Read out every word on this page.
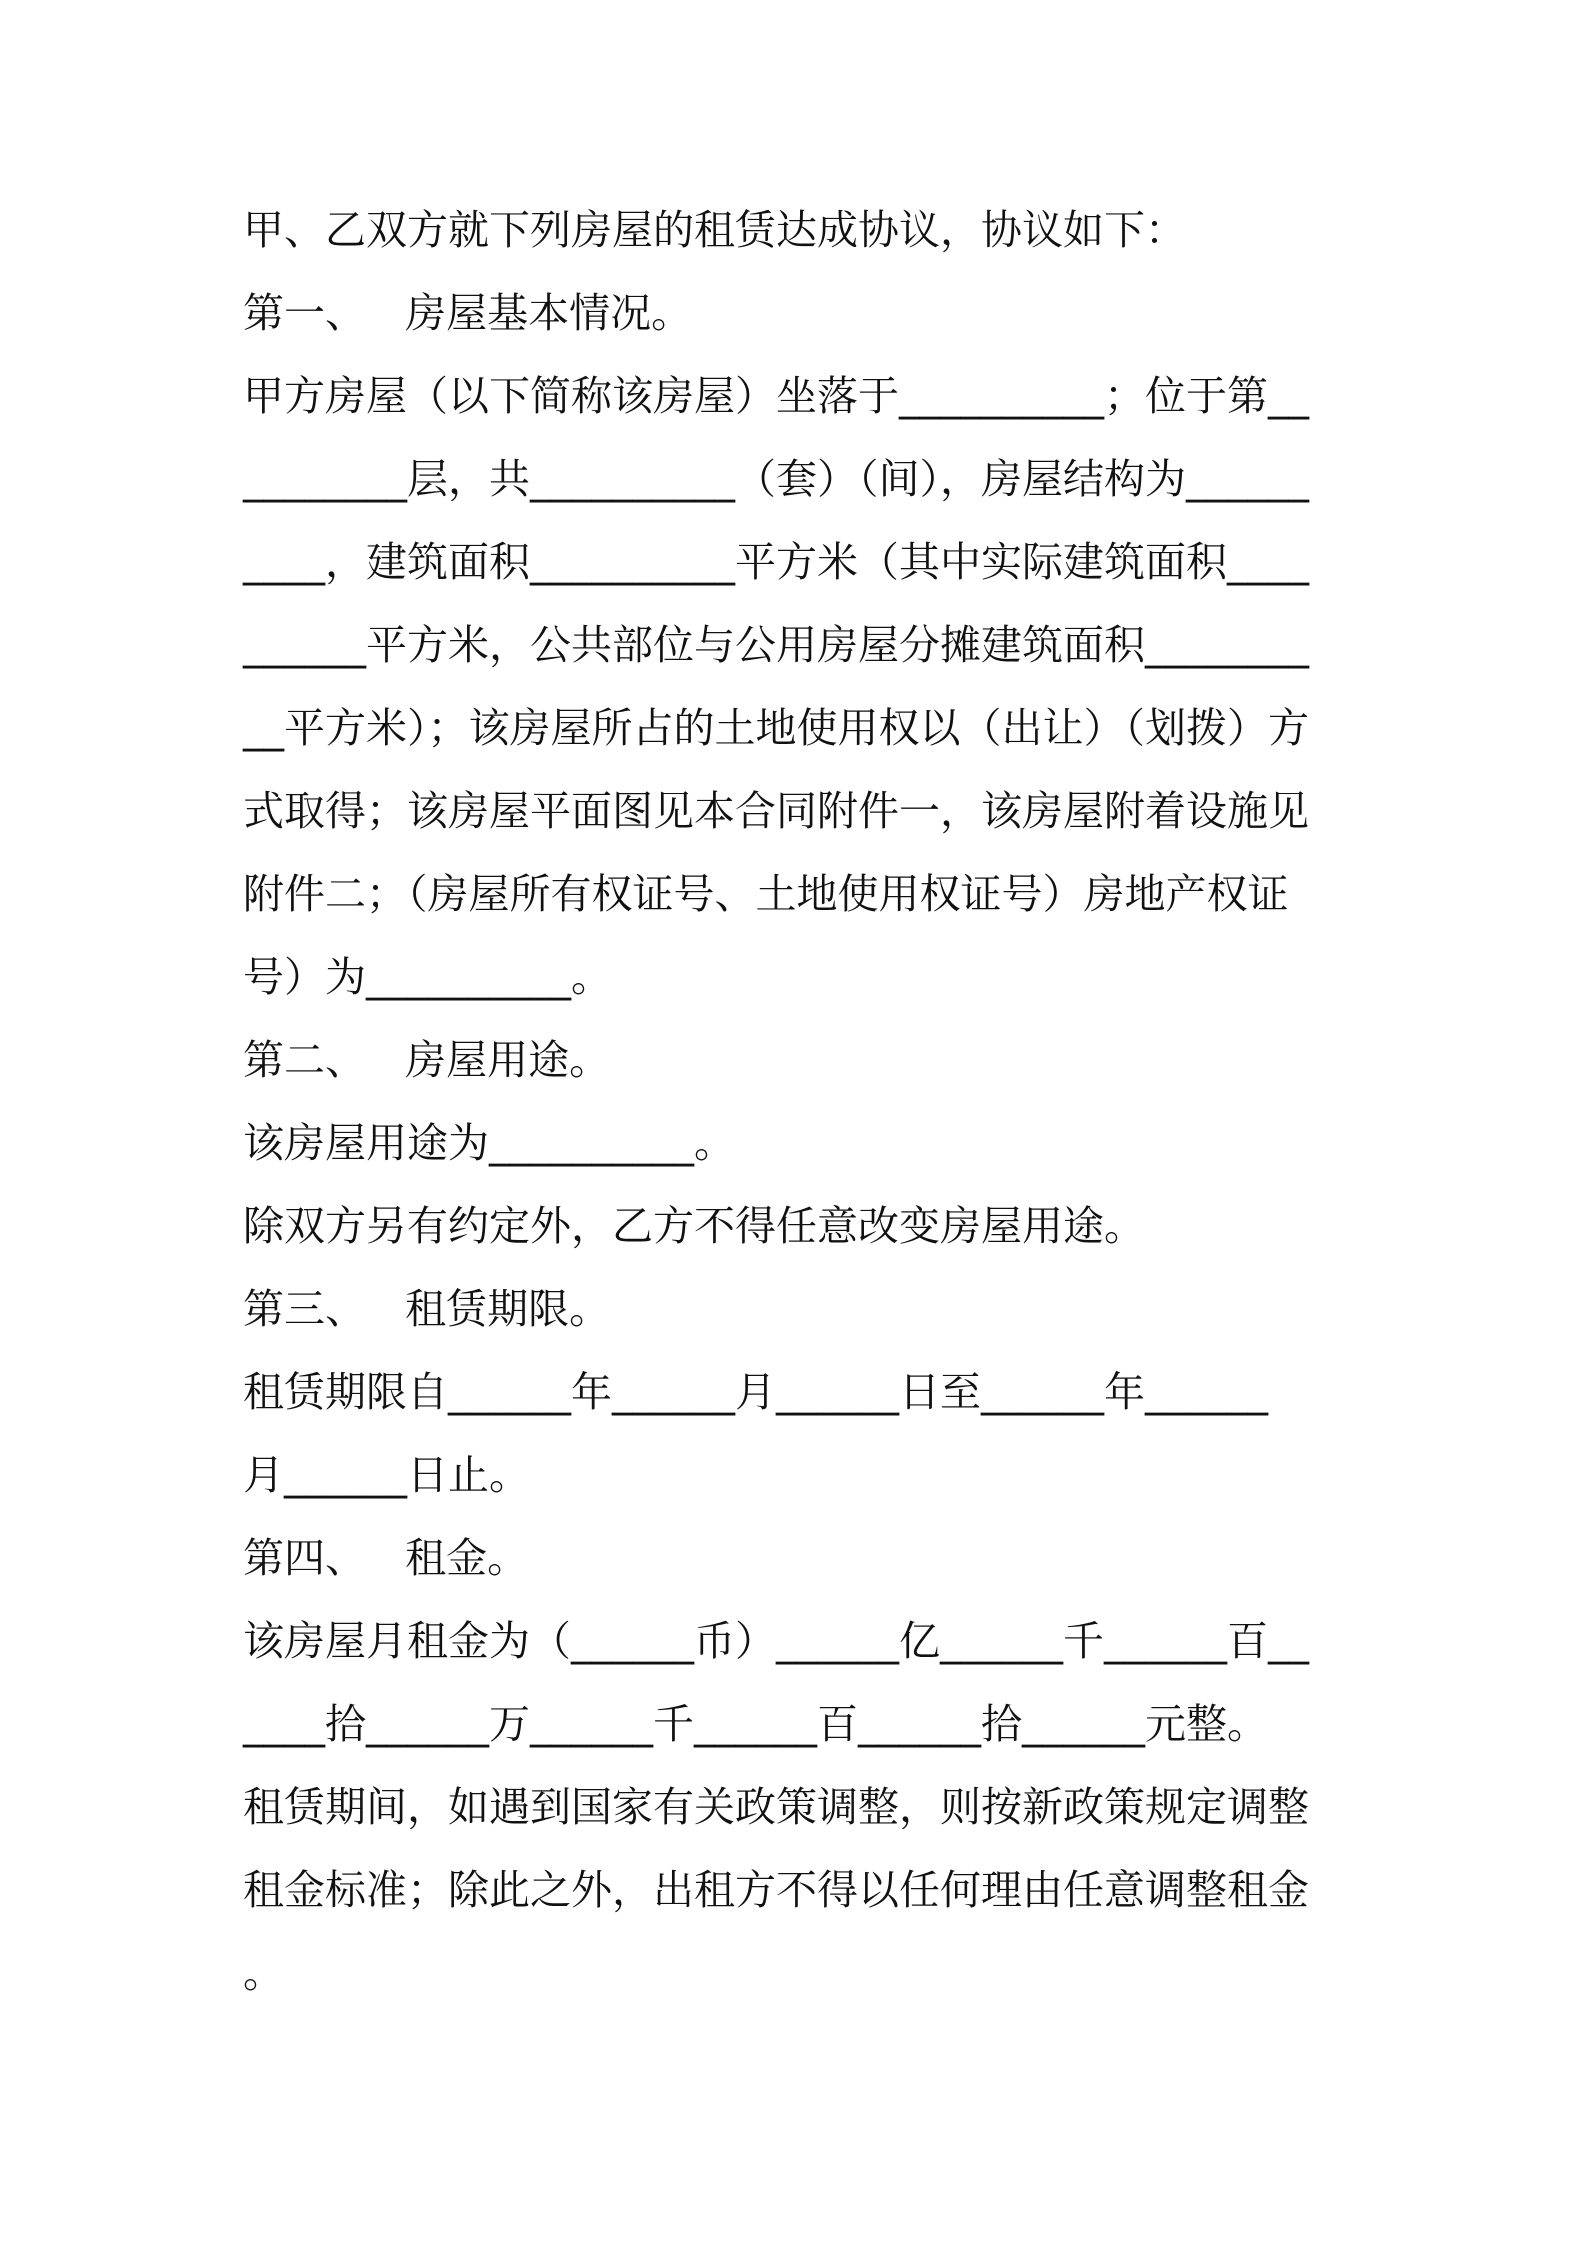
甲、乙双方就下列房屋的租赁达成协议，协议如下：
第一、   房屋基本情况。
甲方房屋（以下简称该房屋）坐落于__________；位于第__
________层，共__________（套）（间），房屋结构为______
____，建筑面积__________平方米（其中实际建筑面积____
______平方米，公共部位与公用房屋分摊建筑面积________
__平方米）；该房屋所占的土地使用权以（出让）（划拨）方
式取得；该房屋平面图见本合同附件一，该房屋附着设施见
附件二；（房屋所有权证号、土地使用权证号）房地产权证
号）为__________。
第二、   房屋用途。
该房屋用途为__________。
除双方另有约定外，乙方不得任意改变房屋用途。
第三、   租赁期限。
租赁期限自______年______月______日至______年______
月______日止。
第四、   租金。
该房屋月租金为（______币）______亿______千______百__
____拾______万______千______百______拾______元整。
租赁期间，如遇到国家有关政策调整，则按新政策规定调整
租金标准；除此之外，出租方不得以任何理由任意调整租金
。
